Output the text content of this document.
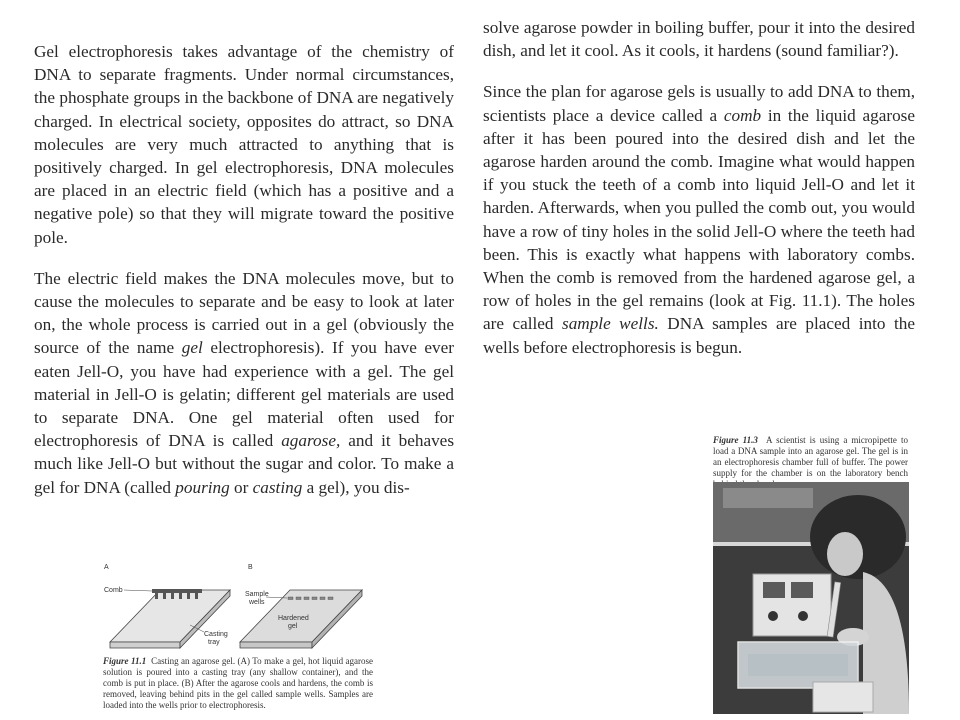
Gel electrophoresis takes advantage of the chemistry of DNA to separate fragments. Under normal circumstances, the phosphate groups in the backbone of DNA are negatively charged. In electrical society, opposites do attract, so DNA molecules are very much attracted to anything that is positively charged. In gel electrophoresis, DNA molecules are placed in an electric field (which has a positive and a negative pole) so that they will migrate toward the positive pole.

The electric field makes the DNA molecules move, but to cause the molecules to separate and be easy to look at later on, the whole process is carried out in a gel (obviously the source of the name gel electrophoresis). If you have ever eaten Jell-O, you have had experience with a gel. The gel material in Jell-O is gelatin; different gel materials are used to separate DNA. One gel material often used for electrophoresis of DNA is called agarose, and it behaves much like Jell-O but without the sugar and color. To make a gel for DNA (called pouring or casting a gel), you dis-

solve agarose powder in boiling buffer, pour it into the desired dish, and let it cool. As it cools, it hardens (sound familiar?).

Since the plan for agarose gels is usually to add DNA to them, scientists place a device called a comb in the liquid agarose after it has been poured into the desired dish and let the agarose harden around the comb. Imagine what would happen if you stuck the teeth of a comb into liquid Jell-O and let it harden. Afterwards, when you pulled the comb out, you would have a row of tiny holes in the solid Jell-O where the teeth had been. This is exactly what happens with laboratory combs. When the comb is removed from the hardened agarose gel, a row of holes in the gel remains (look at Fig. 11.1). The holes are called sample wells. DNA samples are placed into the wells before electrophoresis is begun.

A
Comb
Casting
tray
B
Sample
wells
Hardened
gel
Figure 11.1 Casting an agarose gel. (A) To make a gel, hot liquid agarose solution is poured into a casting tray (any shallow container), and the comb is put in place. (B) After the agarose cools and hardens, the comb is removed, leaving behind pits in the gel called sample wells. Samples are loaded into the wells prior to electrophoresis.
Figure 11.3 A scientist is using a micropipette to load a DNA sample into an agarose gel. The gel is in an electrophoresis chamber full of buffer. The power supply for the chamber is on the laboratory bench
